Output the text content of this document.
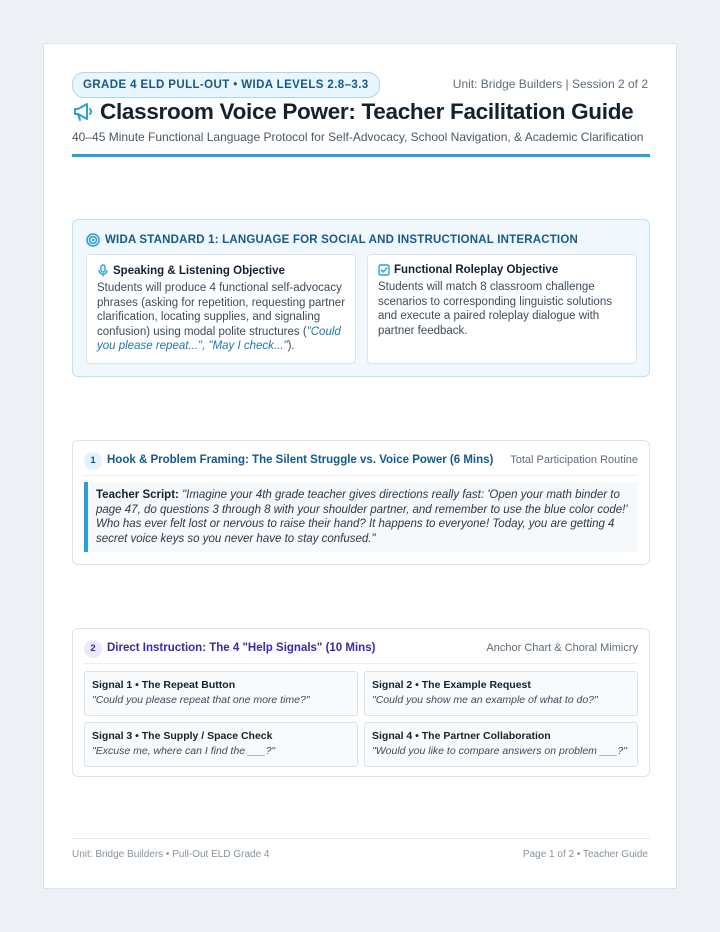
GRADE 4 ELD PULL-OUT • WIDA LEVELS 2.8–3.3	Unit: Bridge Builders | Session 2 of 2
Classroom Voice Power: Teacher Facilitation Guide
40–45 Minute Functional Language Protocol for Self-Advocacy, School Navigation, & Academic Clarification
WIDA STANDARD 1: LANGUAGE FOR SOCIAL AND INSTRUCTIONAL INTERACTION
Speaking & Listening Objective
Students will produce 4 functional self-advocacy phrases (asking for repetition, requesting partner clarification, locating supplies, and signaling confusion) using modal polite structures ("Could you please repeat...", "May I check...").
Functional Roleplay Objective
Students will match 8 classroom challenge scenarios to corresponding linguistic solutions and execute a paired roleplay dialogue with partner feedback.
1 Hook & Problem Framing: The Silent Struggle vs. Voice Power (6 Mins) Total Participation Routine
Teacher Script: "Imagine your 4th grade teacher gives directions really fast: 'Open your math binder to page 47, do questions 3 through 8 with your shoulder partner, and remember to use the blue color code!' Who has ever felt lost or nervous to raise their hand? It happens to everyone! Today, you are getting 4 secret voice keys so you never have to stay confused."
2 Direct Instruction: The 4 "Help Signals" (10 Mins)	Anchor Chart & Choral Mimicry
Signal 1 • The Repeat Button
"Could you please repeat that one more time?"
Signal 2 • The Example Request
"Could you show me an example of what to do?"
Signal 3 • The Supply / Space Check
"Excuse me, where can I find the ___?"
Signal 4 • The Partner Collaboration
"Would you like to compare answers on problem ___?"
Unit: Bridge Builders • Pull-Out ELD Grade 4	Page 1 of 2 • Teacher Guide
